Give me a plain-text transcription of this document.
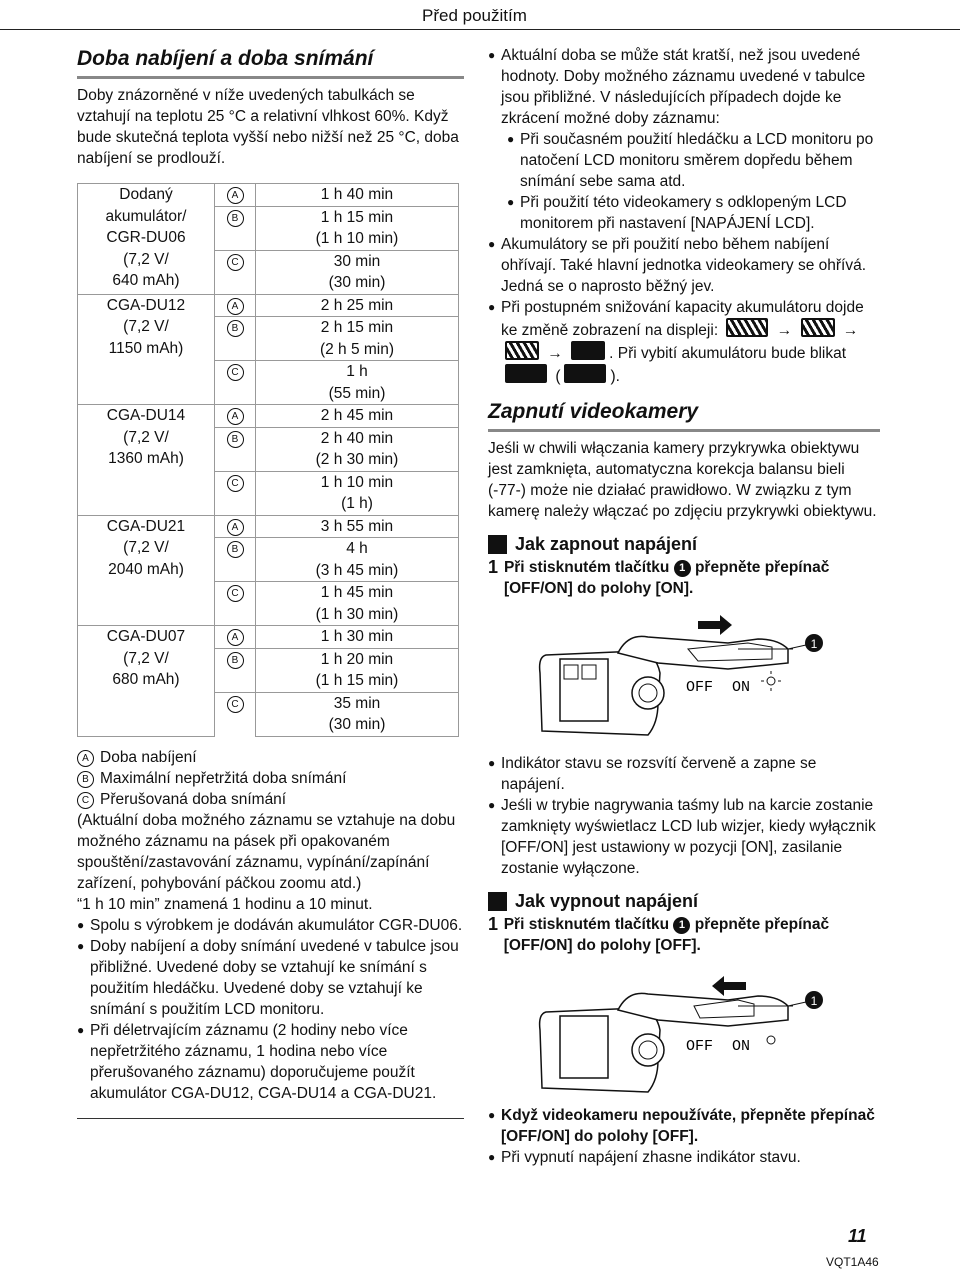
Před použitím
Doba nabíjení a doba snímání

Doby znázorněné v níže uvedených tabulkách se vztahují na teplotu 25 °C a relativní vlhkost 60%. Když bude skutečná teplota vyšší nebo nižší než 25 °C, doba nabíjení se prodlouží.

Dodaný
akumulátor/
CGR-DU06
(7,2 V/
640 mAh)	A	1 h 40 min

	B	1 h 15 min
(1 h 10 min)

	C	30 min
(30 min)

CGA-DU12
(7,2 V/
1150 mAh)	A	2 h 25 min

	B	2 h 15 min
(2 h 5 min)

	C	1 h
(55 min)

CGA-DU14
(7,2 V/
1360 mAh)	A	2 h 45 min

	B	2 h 40 min
(2 h 30 min)

	C	1 h 10 min
(1 h)

CGA-DU21
(7,2 V/
2040 mAh)	A	3 h 55 min

	B	4 h
(3 h 45 min)

	C	1 h 45 min
(1 h 30 min)

CGA-DU07
(7,2 V/
680 mAh)	A	1 h 30 min

	B	1 h 20 min
(1 h 15 min)

	C	35 min
(30 min)

A Doba nabíjení

B Maximální nepřetržitá doba snímání

C Přerušovaná doba snímání

(Aktuální doba možného záznamu se vztahuje na dobu možného záznamu na pásek při opakovaném spouštění/zastavování záznamu, vypínání/zapínání zařízení, pohybování páčkou zoomu atd.)

“1 h 10 min” znamená 1 hodinu a 10 minut.

● Spolu s výrobkem je dodáván akumulátor CGR-DU06.
● Doby nabíjení a doby snímání uvedené v tabulce jsou přibližné. Uvedené doby se vztahují ke snímání s použitím hledáčku. Uvedené doby se vztahují ke snímání s použitím LCD monitoru.
● Při déletrvajícím záznamu (2 hodiny nebo více nepřetržitého záznamu, 1 hodina nebo více přerušovaného záznamu) doporučujeme použít akumulátor CGA-DU12, CGA-DU14 a CGA-DU21.
● Aktuální doba se může stát kratší, než jsou uvedené hodnoty. Doby možného záznamu uvedené v tabulce jsou přibližné. V následujících případech dojde ke zkrácení možné doby záznamu:
● Při současném použití hledáčku a LCD monitoru po natočení LCD monitoru směrem dopředu během snímání sebe sama atd.
● Při použití této videokamery s odklopeným LCD monitorem při nastavení [NAPÁJENÍ LCD].
● Akumulátory se při použití nebo během nabíjení ohřívají. Také hlavní jednotka videokamery se ohřívá. Jedná se o naprosto běžný jev.
● Při postupném snižování kapacity akumulátoru dojde ke změně zobrazení na displeji:	→	→  →	. Při vybití akumulátoru bude blikat  (	).
Zapnutí videokamery

Jeśli w chwili włączania kamery przykrywka obiektywu jest zamknięta, automatyczna korekcja balansu bieli (-77-) może nie działać prawidłowo. W związku z tym kamerę należy włączać po zdjęciu przykrywki obiektywu.

Jak zapnout napájení
1 Při stisknutém tlačítku 1 přepněte přepínač [OFF/ON] do polohy [ON].
OFF ON
1
● Indikátor stavu se rozsvítí červeně a zapne se napájení.
● Jeśli w trybie nagrywania taśmy lub na karcie zostanie zamknięty wyświetlacz LCD lub wizjer, kiedy wyłącznik [OFF/ON] jest ustawiony w pozycji [ON], zasilanie zostanie wyłączone.
Jak vypnout napájení
1 Při stisknutém tlačítku 1 přepněte přepínač [OFF/ON] do polohy [OFF].
OFF ON
1
● Když videokameru nepoužíváte, přepněte přepínač [OFF/ON] do polohy [OFF].
● Při vypnutí napájení zhasne indikátor stavu.
11
VQT1A46
